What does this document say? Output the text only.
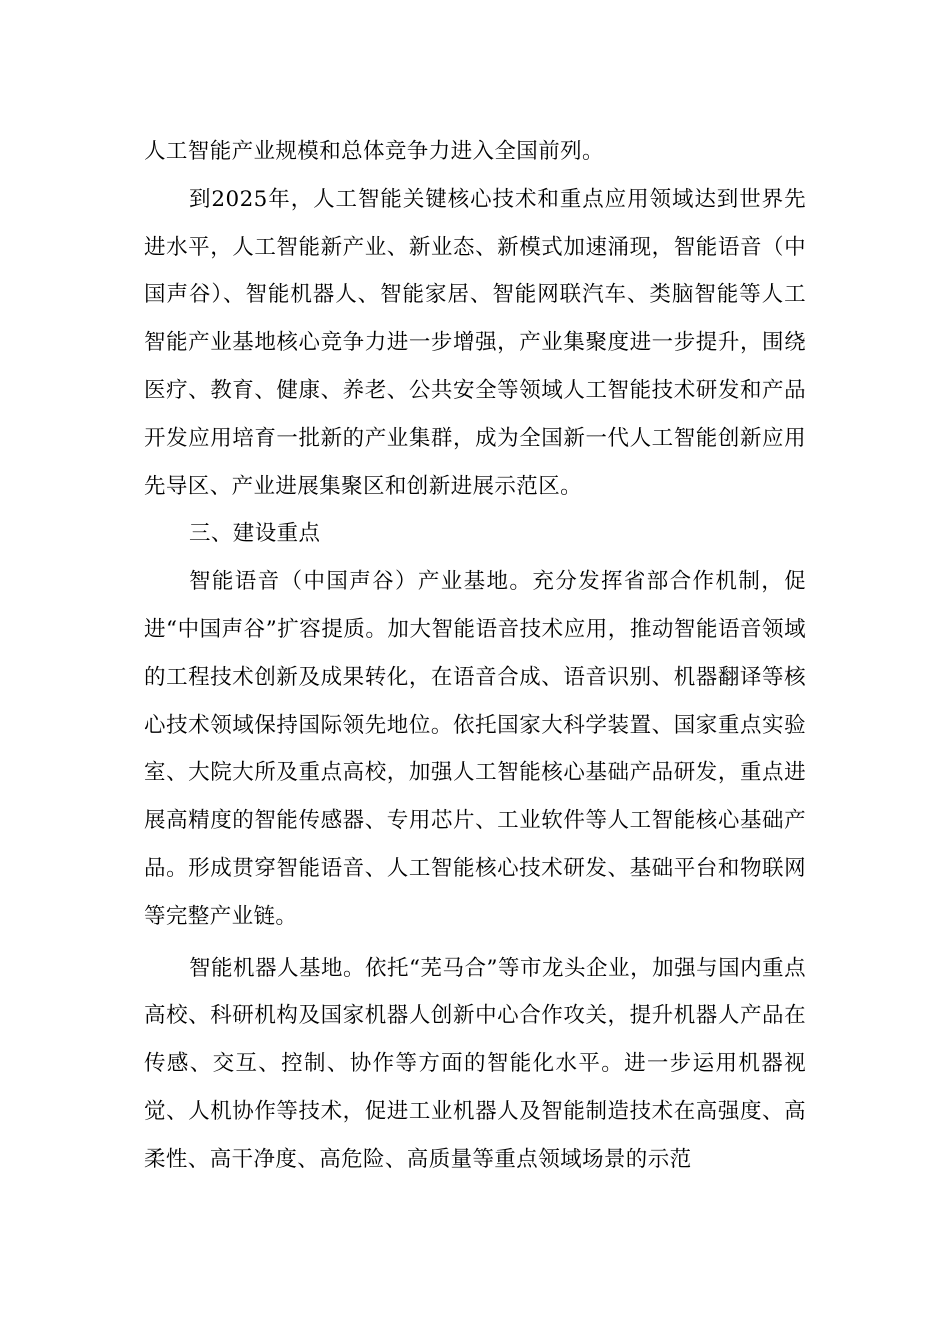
人工智能产业规模和总体竞争力进入全国前列。

到2025年，人工智能关键核心技术和重点应用领域达到世界先进水平，人工智能新产业、新业态、新模式加速涌现，智能语音（中国声谷）、智能机器人、智能家居、智能网联汽车、类脑智能等人工智能产业基地核心竞争力进一步增强，产业集聚度进一步提升，围绕医疗、教育、健康、养老、公共安全等领域人工智能技术研发和产品开发应用培育一批新的产业集群，成为全国新一代人工智能创新应用先导区、产业进展集聚区和创新进展示范区。

三、建设重点

智能语音（中国声谷）产业基地。充分发挥省部合作机制，促进“中国声谷”扩容提质。加大智能语音技术应用，推动智能语音领域的工程技术创新及成果转化，在语音合成、语音识别、机器翻译等核心技术领域保持国际领先地位。依托国家大科学装置、国家重点实验室、大院大所及重点高校，加强人工智能核心基础产品研发，重点进展高精度的智能传感器、专用芯片、工业软件等人工智能核心基础产品。形成贯穿智能语音、人工智能核心技术研发、基础平台和物联网等完整产业链。

智能机器人基地。依托“芜马合”等市龙头企业，加强与国内重点高校、科研机构及国家机器人创新中心合作攻关，提升机器人产品在传感、交互、控制、协作等方面的智能化水平。进一步运用机器视觉、人机协作等技术，促进工业机器人及智能制造技术在高强度、高柔性、高干净度、高危险、高质量等重点领域场景的示范
